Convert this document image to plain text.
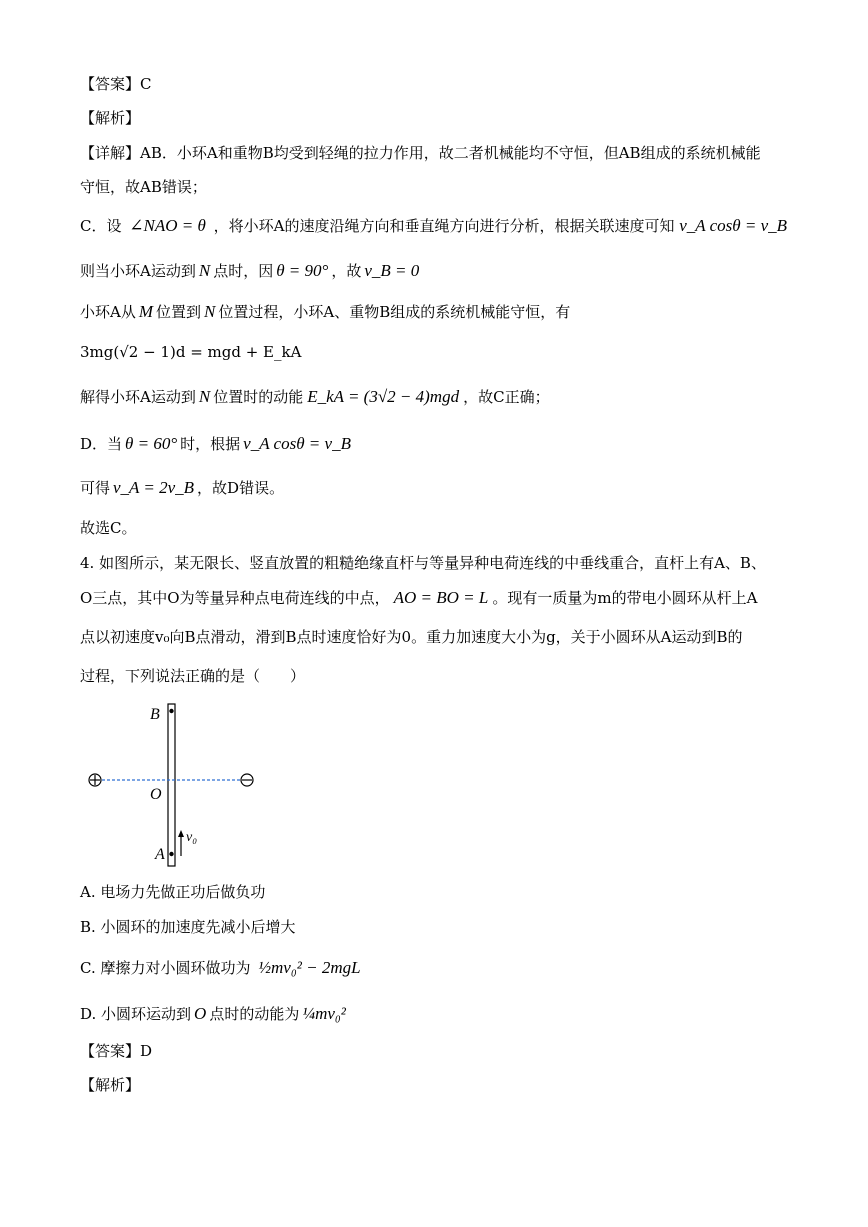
【答案】C
【解析】
【详解】AB．小环A和重物B均受到轻绳的拉力作用，故二者机械能均不守恒，但AB组成的系统机械能
守恒，故AB错误；
C．设 ∠NAO = θ ，将小环A的速度沿绳方向和垂直绳方向进行分析，根据关联速度可知 v_A cosθ = v_B
则当小环A运动到 N 点时，因 θ = 90° ，故 v_B = 0
小环A从 M 位置到 N 位置过程，小环A、重物B组成的系统机械能守恒，有
3mg(√2 − 1)d = mgd + E_kA
解得小环A运动到 N 位置时的动能 E_kA = (3√2 − 4)mgd ，故C正确；
D．当 θ = 60° 时，根据 v_A cosθ = v_B
可得 v_A = 2v_B ，故D错误。
故选C。
4. 如图所示，某无限长、竖直放置的粗糙绝缘直杆与等量异种电荷连线的中垂线重合，直杆上有A、B、
O三点，其中O为等量异种点电荷连线的中点， AO = BO = L 。现有一质量为m的带电小圆环从杆上A
点以初速度v₀向B点滑动，滑到B点时速度恰好为0。重力加速度大小为g，关于小圆环从A运动到B的
过程，下列说法正确的是（　　）
B
O
A
v₀
A. 电场力先做正功后做负功
B. 小圆环的加速度先减小后增大
C. 摩擦力对小圆环做功为 ½mv₀² − 2mgL
D. 小圆环运动到 O 点时的动能为 ¼mv₀²
【答案】D
【解析】
